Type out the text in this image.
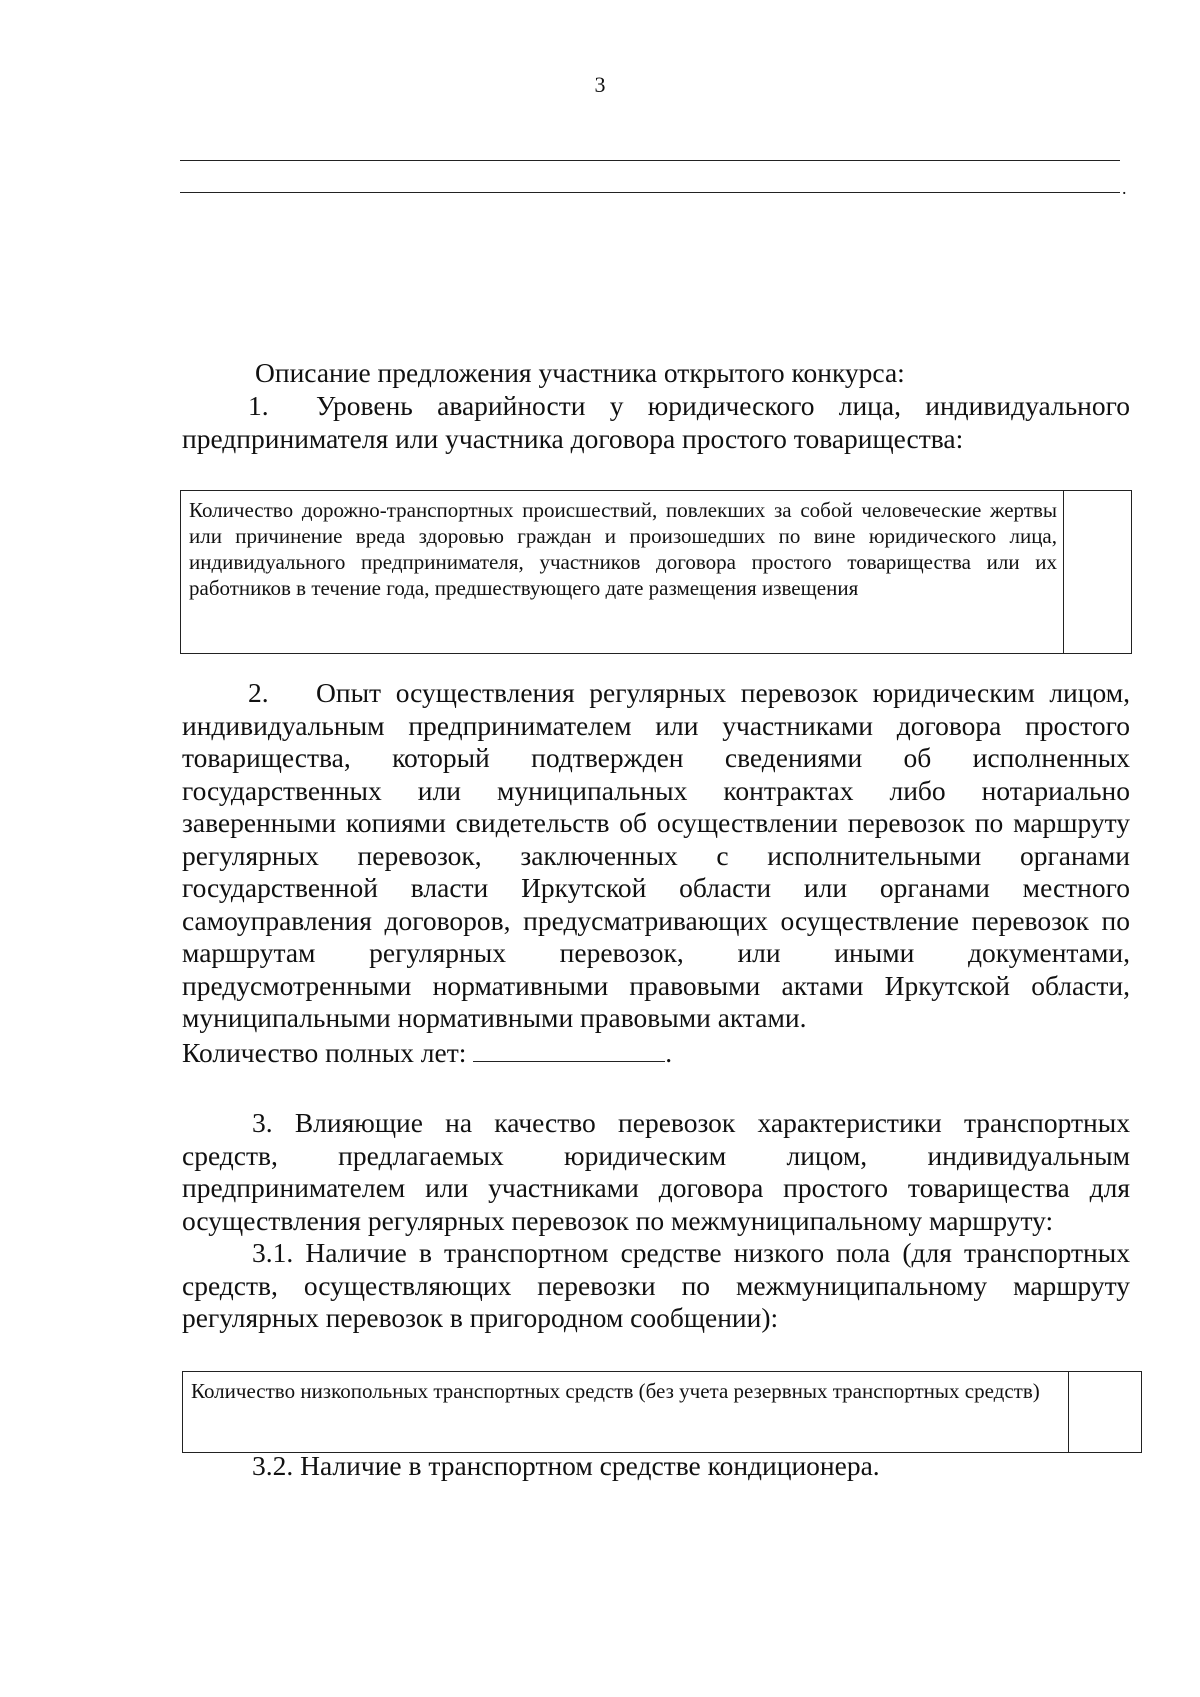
3
.
Описание предложения участника открытого конкурса:
1. Уровень аварийности у юридического лица, индивидуального
предпринимателя или участника договора простого товарищества:
Количество дорожно-транспортных происшествий, повлекших за собой человеческие жертвы или причинение вреда здоровью граждан и произошедших по вине юридического лица, индивидуального предпринимателя, участников договора простого товарищества или их работников в течение года, предшествующего дате размещения извещения
2. Опыт осуществления регулярных перевозок юридическим лицом,
индивидуальным предпринимателем или участниками договора простого
товарищества, который подтвержден сведениями об исполненных
государственных или муниципальных контрактах либо нотариально
заверенными копиями свидетельств об осуществлении перевозок по маршруту
регулярных перевозок, заключенных с исполнительными органами
государственной власти Иркутской области или органами местного
самоуправления договоров, предусматривающих осуществление перевозок по
маршрутам регулярных перевозок, или иными документами,
предусмотренными нормативными правовыми актами Иркутской области,
муниципальными нормативными правовыми актами.
Количество полных лет:	.
3. Влияющие на качество перевозок характеристики транспортных
средств, предлагаемых юридическим лицом, индивидуальным
предпринимателем или участниками договора простого товарищества для
осуществления регулярных перевозок по межмуниципальному маршруту:
3.1. Наличие в транспортном средстве низкого пола (для транспортных
средств, осуществляющих перевозки по межмуниципальному маршруту
регулярных перевозок в пригородном сообщении):
Количество низкопольных транспортных средств (без учета резервных транспортных средств)
3.2. Наличие в транспортном средстве кондиционера.
